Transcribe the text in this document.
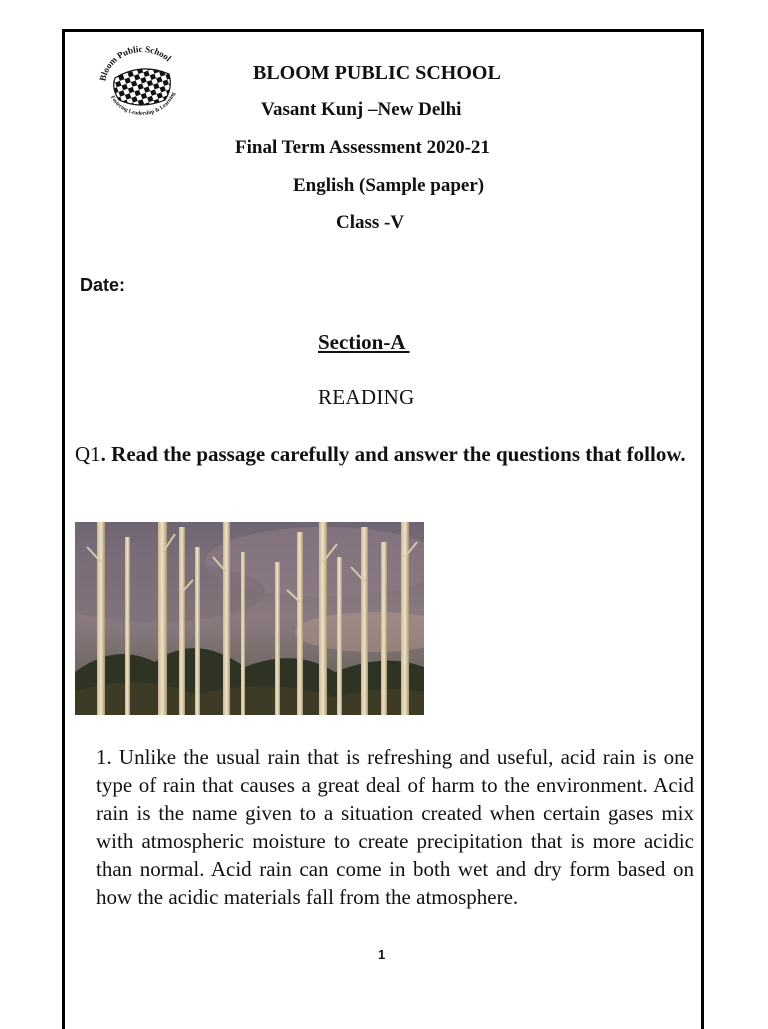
Bloom Public School
Fostering Leadership & Learning
BLOOM PUBLIC SCHOOL
Vasant Kunj –New Delhi
Final Term Assessment 2020-21
English (Sample paper)
Class -V
Date:
Section-A
READING
Q1. Read the passage carefully and answer the questions that follow.
1. Unlike the usual rain that is refreshing and useful, acid rain is one type of rain that causes a great deal of harm to the environment. Acid rain is the name given to a situation created when certain gases mix with atmospheric moisture to create precipitation that is more acidic than normal. Acid rain can come in both wet and dry form based on how the acidic materials fall from the atmosphere.
1
